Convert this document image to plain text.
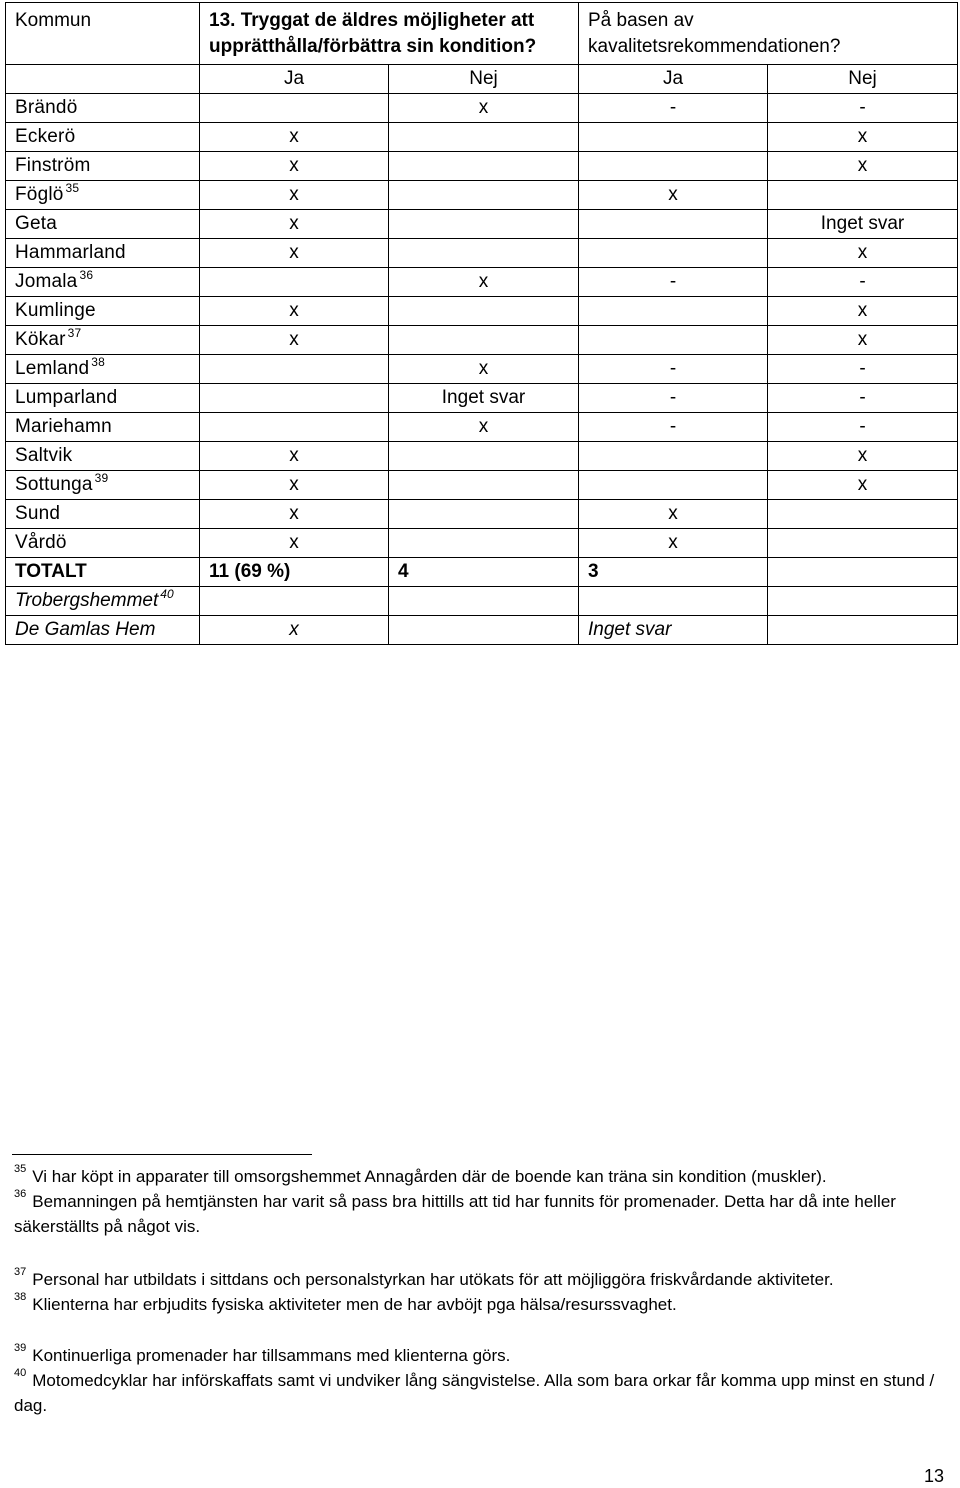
Kommun	13. Tryggat de äldres möjligheter att upprätthålla/förbättra sin kondition?		På basen av kavalitetsrekommendationen?	
	Ja	Nej	Ja	Nej
Brändö		x	-	-
Eckerö	x			x
Finström	x			x
Föglö $^{35}$	x		x	
Geta	x			Inget svar
Hammarland	x			x
Jomala $^{36}$		x	-	-
Kumlinge	x			x
Kökar $^{37}$	x			x
Lemland $^{38}$		x	-	-
Lumparland		Inget svar	-	-
Mariehamn		x	-	-
Saltvik	x			x
Sottunga $^{39}$	x			x
Sund	x		x	
Vårdö	x		x	
TOTALT	11 (69 %)	4	3	
Trobergshemmet $^{40}$				
De Gamlas Hem	x		Inget svar	
$^{35}$ Vi har köpt in apparater till omsorgshemmet Annagården där de boende kan träna sin kondition (muskler).
$^{36}$ Bemanningen på hemtjänsten har varit så pass bra hittills att tid har funnits för promenader. Detta har då inte heller säkerställts på något vis.
$^{37}$ Personal har utbildats i sittdans och personalstyrkan har utökats för att möjliggöra friskvårdande aktiviteter.
$^{38}$ Klienterna har erbjudits fysiska aktiviteter men de har avböjt pga hälsa/resurssvaghet.
$^{39}$ Kontinuerliga promenader har tillsammans med klienterna görs.
$^{40}$ Motomedcyklar har införskaffats samt vi undviker lång sängvistelse. Alla som bara orkar får komma upp minst en stund / dag.
13
